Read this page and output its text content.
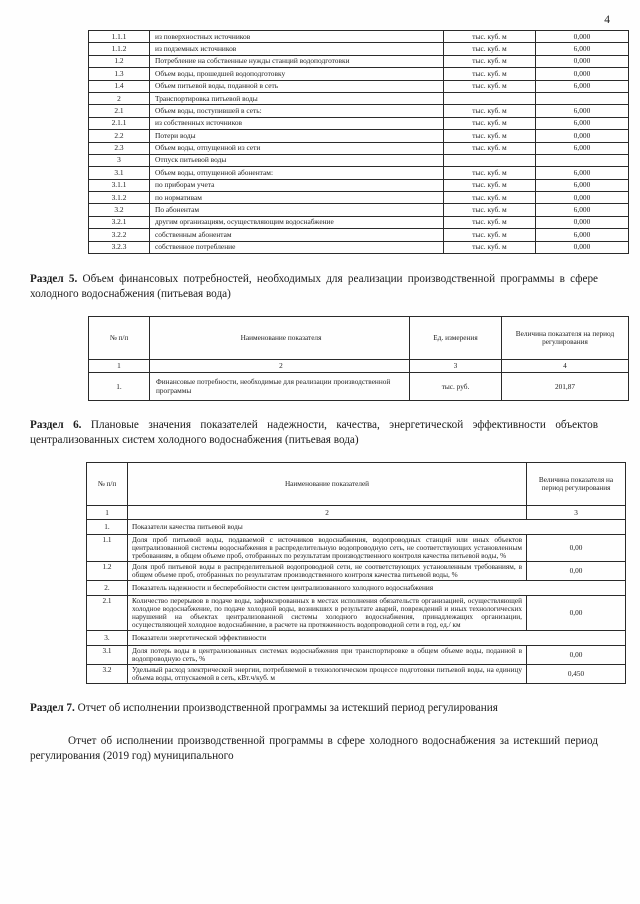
4
1.1.1	из поверхностных источников	тыс. куб. м	0,000
1.1.2	из подземных источников	тыс. куб. м	6,000
1.2	Потребление на собственные нужды станций водоподготовки	тыс. куб. м	0,000
1.3	Объем воды, прошедшей водоподготовку	тыс. куб. м	0,000
1.4	Объем питьевой воды, поданной в сеть	тыс. куб. м	6,000
2	Транспортировка питьевой воды		
2.1	Объем воды, поступившей в сеть:	тыс. куб. м	6,000
2.1.1	из собственных источников	тыс. куб. м	6,000
2.2	Потери воды	тыс. куб. м	0,000
2.3	Объем воды, отпущенной из сети	тыс. куб. м	6,000
3	Отпуск питьевой воды		
3.1	Объем воды, отпущенной абонентам:	тыс. куб. м	6,000
3.1.1	по приборам учета	тыс. куб. м	6,000
3.1.2	по нормативам	тыс. куб. м	0,000
3.2	По абонентам	тыс. куб. м	6,000
3.2.1	другим организациям, осуществляющим водоснабжение	тыс. куб. м	0,000
3.2.2	собственным абонентам	тыс. куб. м	6,000
3.2.3	собственное потребление	тыс. куб. м	0,000

Раздел 5. Объем финансовых потребностей, необходимых для реализации производственной программы в сфере холодного водоснабжения (питьевая вода)

№ п/п	Наименование показателя	Ед. измерения	Величина показателя на период регулирования
1	2	3	4
1.	Финансовые потребности, необходимые для реализации производственной программы	тыс. руб.	201,87

Раздел 6. Плановые значения показателей надежности, качества, энергетической эффективности объектов централизованных систем холодного водоснабжения (питьевая вода)

№ п/п	Наименование показателей	Величина показателя на период регулирования
1	2	3
1.	Показатели качества питьевой воды	
1.1	Доля проб питьевой воды, подаваемой с источников водоснабжения, водопроводных станций или иных объектов централизованной системы водоснабжения в распределительную водопроводную сеть, не соответствующих установленным требованиям, в общем объеме проб, отобранных по результатам производственного контроля качества питьевой воды, %	0,00
1.2	Доля проб питьевой воды в распределительной водопроводной сети, не соответствующих установленным требованиям, в общем объеме проб, отобранных по результатам производственного контроля качества питьевой воды, %	0,00
2.	Показатель надежности и бесперебойности систем централизованного холодного водоснабжения	
2.1	Количество перерывов в подаче воды, зафиксированных в местах исполнения обязательств организацией, осуществляющей холодное водоснабжение, по подаче холодной воды, возникших в результате аварий, повреждений и иных технологических нарушений на объектах централизованной системы холодного водоснабжения, принадлежащих организации, осуществляющей холодное водоснабжение, в расчете на протяженность водопроводной сети в год, ед./ км	0,00
3.	Показатели энергетической эффективности	
3.1	Доля потерь воды в централизованных системах водоснабжения при транспортировке в общем объеме воды, поданной в водопроводную сеть, %	0,00
3.2	Удельный расход электрической энергии, потребляемой в технологическом процессе подготовки питьевой воды, на единицу объема воды, отпускаемой в сеть, кВт.ч/куб. м	0,450

Раздел 7. Отчет об исполнении производственной программы за истекший период регулирования

Отчет об исполнении производственной программы в сфере холодного водоснабжения за истекший период регулирования (2019 год) муниципального
